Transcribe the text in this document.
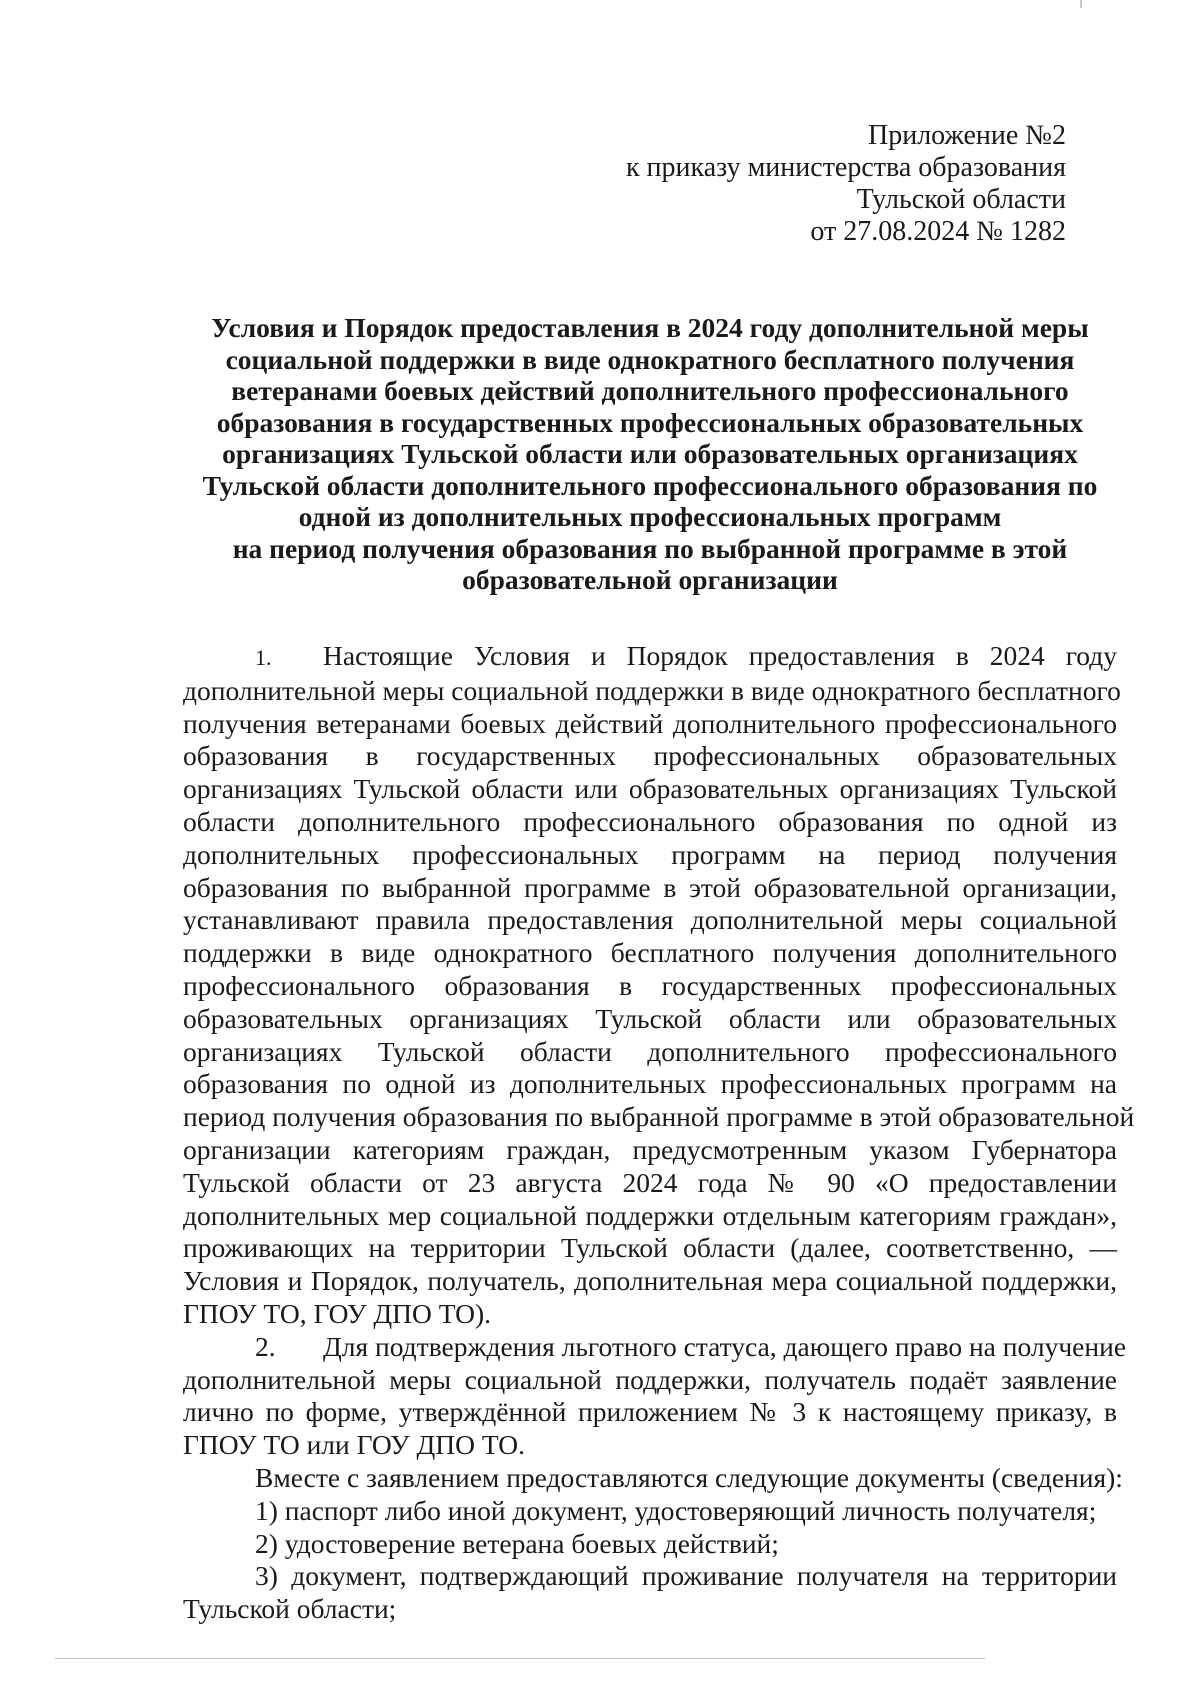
Приложение №2
к приказу министерства образования
Тульской области
от 27.08.2024 № 1282
Условия и Порядок предоставления в 2024 году дополнительной меры
социальной поддержки в виде однократного бесплатного получения
ветеранами боевых действий дополнительного профессионального
образования в государственных профессиональных образовательных
организациях Тульской области или образовательных организациях
Тульской области дополнительного профессионального образования по
одной из дополнительных профессиональных программ
на период получения образования по выбранной программе в этой
образовательной организации

1. Настоящие Условия и Порядок предоставления в 2024 году

дополнительной меры социальной поддержки в виде однократного бесплатного

получения ветеранами боевых действий дополнительного профессионального

образования в государственных профессиональных образовательных

организациях Тульской области или образовательных организациях Тульской

области дополнительного профессионального образования по одной из

дополнительных профессиональных программ на период получения

образования по выбранной программе в этой образовательной организации,

устанавливают правила предоставления дополнительной меры социальной

поддержки в виде однократного бесплатного получения дополнительного

профессионального образования в государственных профессиональных

образовательных организациях Тульской области или образовательных

организациях Тульской области дополнительного профессионального

образования по одной из дополнительных профессиональных программ на

период получения образования по выбранной программе в этой образовательной

организации категориям граждан, предусмотренным указом Губернатора

Тульской области от 23 августа 2024 года № 90 «О предоставлении

дополнительных мер социальной поддержки отдельным категориям граждан»,

проживающих на территории Тульской области (далее, соответственно, —

Условия и Порядок, получатель, дополнительная мера социальной поддержки,

ГПОУ ТО, ГОУ ДПО ТО).

2. Для подтверждения льготного статуса, дающего право на получение

дополнительной меры социальной поддержки, получатель подаёт заявление

лично по форме, утверждённой приложением № 3 к настоящему приказу, в

ГПОУ ТО или ГОУ ДПО ТО.

Вместе с заявлением предоставляются следующие документы (сведения):

1) паспорт либо иной документ, удостоверяющий личность получателя;

2) удостоверение ветерана боевых действий;

3) документ, подтверждающий проживание получателя на территории

Тульской области;
